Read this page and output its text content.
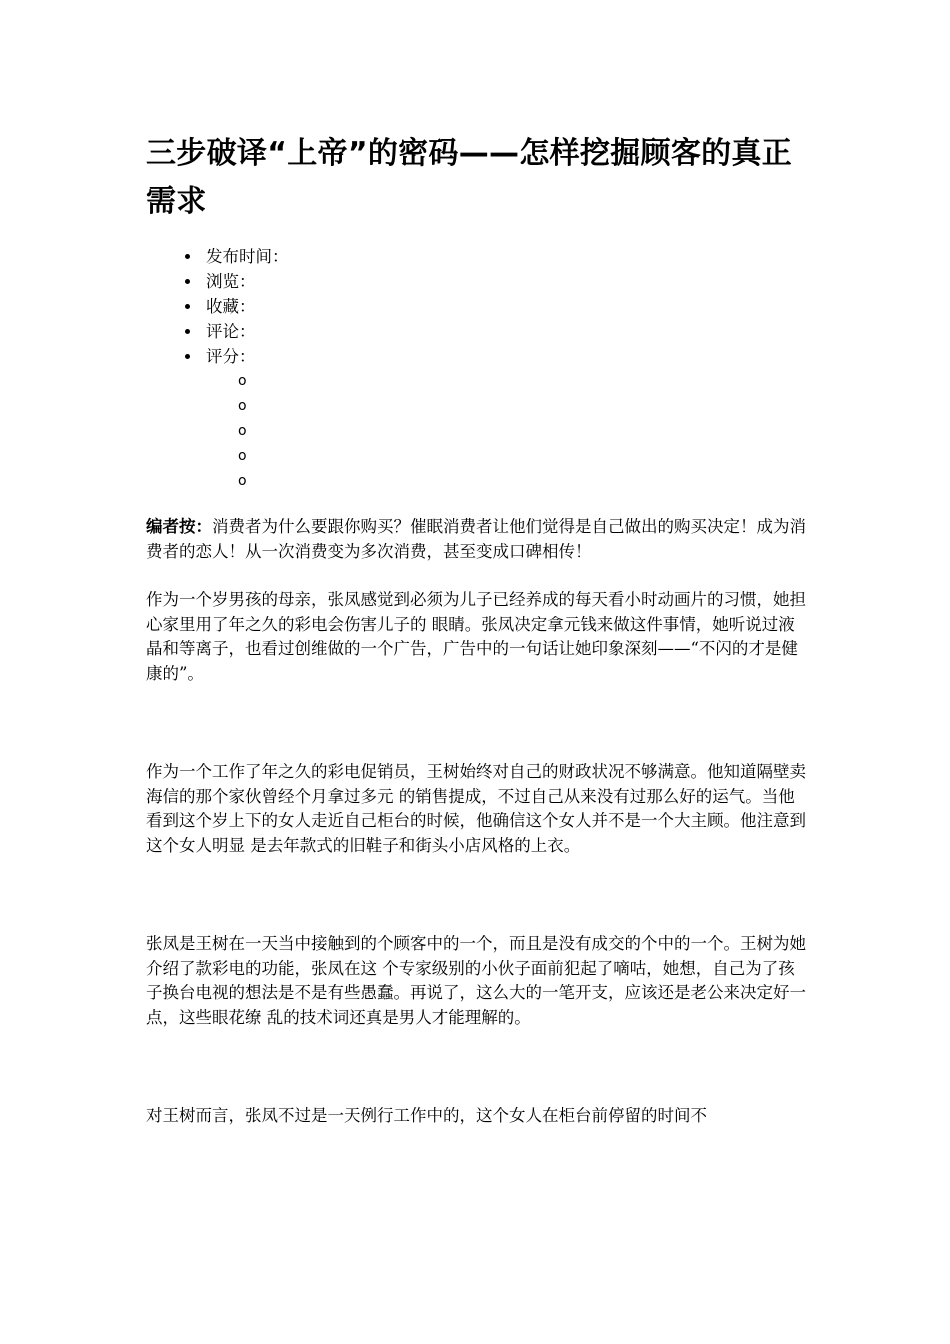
三步破译“上帝”的密码——怎样挖掘顾客的真正需求
• 发布时间：
• 浏览：
• 收藏：
• 评论：
• 评分：
o
o
o
o
o

编者按：消费者为什么要跟你购买？催眠消费者让他们觉得是自己做出的购买决定！成为消费者的恋人！从一次消费变为多次消费，甚至变成口碑相传！

作为一个岁男孩的母亲，张凤感觉到必须为儿子已经养成的每天看小时动画片的习惯，她担心家里用了年之久的彩电会伤害儿子的 眼睛。张凤决定拿元钱来做这件事情，她听说过液晶和等离子，也看过创维做的一个广告，广告中的一句话让她印象深刻——“不闪的才是健康的”。

作为一个工作了年之久的彩电促销员，王树始终对自己的财政状况不够满意。他知道隔壁卖海信的那个家伙曾经个月拿过多元 的销售提成，不过自己从来没有过那么好的运气。当他看到这个岁上下的女人走近自己柜台的时候，他确信这个女人并不是一个大主顾。他注意到这个女人明显 是去年款式的旧鞋子和街头小店风格的上衣。

张凤是王树在一天当中接触到的个顾客中的一个，而且是没有成交的个中的一个。王树为她介绍了款彩电的功能，张凤在这 个专家级别的小伙子面前犯起了嘀咕，她想，自己为了孩子换台电视的想法是不是有些愚蠢。再说了，这么大的一笔开支，应该还是老公来决定好一点，这些眼花缭 乱的技术词还真是男人才能理解的。

对王树而言，张凤不过是一天例行工作中的，这个女人在柜台前停留的时间不
